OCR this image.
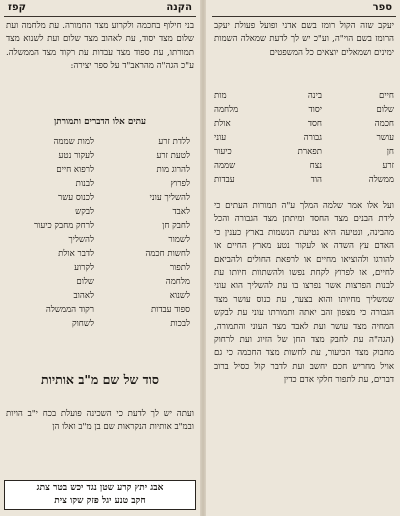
ספר

יעקב שזה הקול רומז בשם אדני ופועל פעולת יעקב הרומז בשם הוי"ה, וע"כ יש לך לדעת שמאלה השמות ימינים ושמאלים יוצאים כל המשפטים

חיים
בינה
מות
שלום
יסוד
מלחמה
חכמה
חסד
אולת
עושר
גבורה
עוני
חן
תפארת
כיעור
זרע
נצח
שממה
ממשלה
הוד
עבדות

ועל אלו אמר שלמה המלך ע"ה תמורות העתים כי לידת הבנים מצד החסד ומיתתן מצד הגבורה והכל מהבינה, ונטיעה היא נטיעת הנשמות בארץ כענין כי האדם עץ השדה או לעקור נטע מארץ החיים או להורגו ולהוציאו מחיים או לרפאת החולים ולהביאם לחיים, או לפרוץ לקחת נפשו ולהשתוות חיותו עת לבנות הפרצות אשר נפרצו בו עת להשליך הוא עוני שמשליך מחיותו והוא בצער, עת כנוס עושר מצד הגבורה כי מצפון זהב יאתה ותמורתו עוני עת לבקש המחיה מצד עושר ועת לאבד מצד העוני והתמורה, (הגה"ה עת לחבק מצד החן של הזיוג ועת לרחוק מחבוק מצד הכיעור, עת לחשות מצד החכמה כי גם אויל מחריש חכם יחשב ועת לדבר קול כסיל ברוב דברים, עת לתפור חלקי אדם כדין

קפז	הקנה

בני חילוף בחכמה ולקרוע מצד החמורה. עת מלחמה ועת שלום מצד יסוד, עת לאהוב מצד שלום ועת לשנוא מצד תמורתו, עת ספוד מצד עבדות עת רקוד מצד הממשלה. ע"כ הגה"ה מהראב"ד על ספר יצירה:

עתים אלו הדברים ותמורתן

ללדת זרע
למות שממה
לטעת זרע
לעקור נטע
להרוג מות
לרפוא חיים
לפרוץ
לבנות
להשליך עוני
לכנוס עשר
לאבד
לבקש
לחבק חן
לרחק מחבק כיעור
לשמור
להשליך
לחשות חכמה
לדבר אולת
לתפור
לקרוע
מלחמה
שלום
לשנוא
לאהוב
ספוד עבדות
רקוד הממשלה
לבכות
לשחוק

סוד של שם מ"ב אותיות

ועתה יש לך לדעת כי השכינה פועלת בכח י"ב הויות ובמ"ב אותיות הנקראות שם בן מ"ב ואלו הן

אבג יתץ קרע שטן נגד יכש בטר צתג
חקב טנע יגל פזק שקו צית
